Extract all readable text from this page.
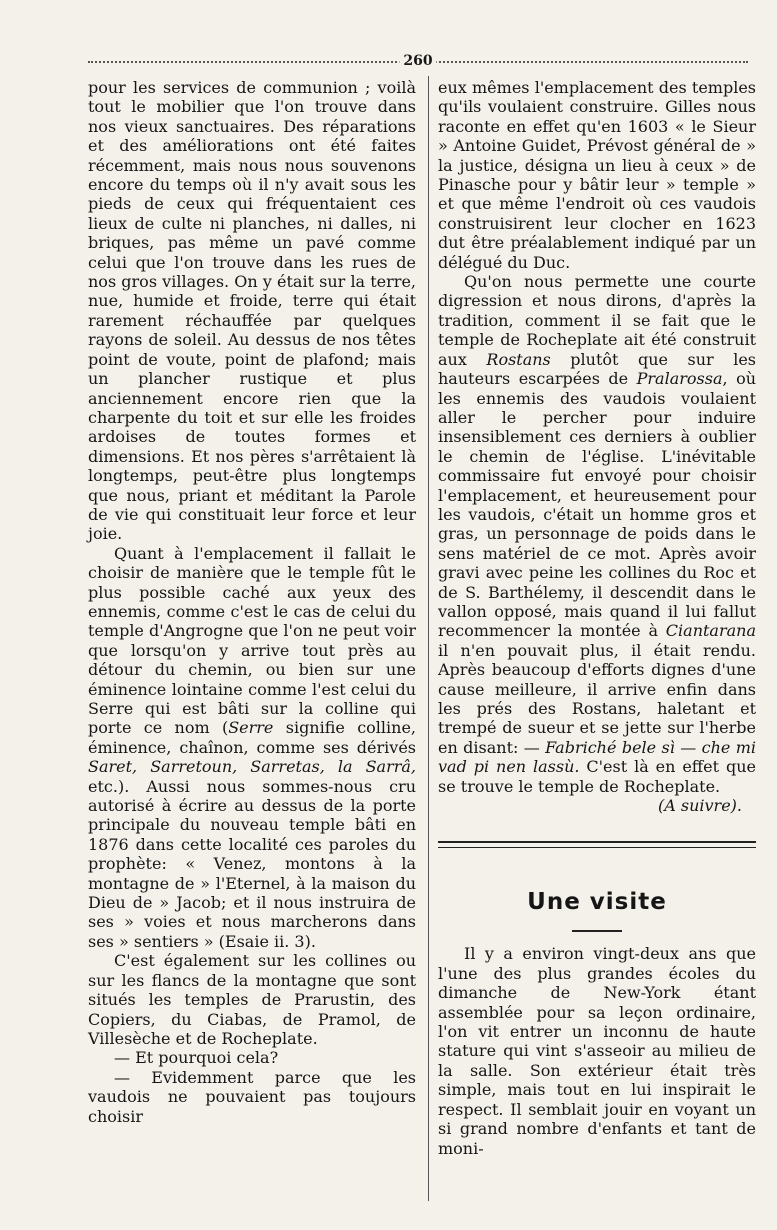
260

pour les services de communion ; voilà tout le mobilier que l'on trouve dans nos vieux sanctuaires. Des réparations et des améliorations ont été faites récemment, mais nous nous souvenons encore du temps où il n'y avait sous les pieds de ceux qui fréquentaient ces lieux de culte ni planches, ni dalles, ni briques, pas même un pavé comme celui que l'on trouve dans les rues de nos gros villages. On y était sur la terre, nue, humide et froide, terre qui était rarement réchauffée par quelques rayons de soleil. Au dessus de nos têtes point de voute, point de plafond; mais un plancher rustique et plus anciennement encore rien que la charpente du toit et sur elle les froides ardoises de toutes formes et dimensions. Et nos pères s'arrêtaient là longtemps, peut-être plus longtemps que nous, priant et méditant la Parole de vie qui constituait leur force et leur joie.

Quant à l'emplacement il fallait le choisir de manière que le temple fût le plus possible caché aux yeux des ennemis, comme c'est le cas de celui du temple d'Angrogne que l'on ne peut voir que lorsqu'on y arrive tout près au détour du chemin, ou bien sur une éminence lointaine comme l'est celui du Serre qui est bâti sur la colline qui porte ce nom (Serre signifie colline, éminence, chaînon, comme ses dérivés Saret, Sarretoun, Sarretas, la Sarrâ, etc.). Aussi nous sommes-nous cru autorisé à écrire au dessus de la porte principale du nouveau temple bâti en 1876 dans cette localité ces paroles du prophète: « Venez, montons à la montagne de » l'Eternel, à la maison du Dieu de » Jacob; et il nous instruira de ses » voies et nous marcherons dans ses » sentiers » (Esaie ii. 3).

C'est également sur les collines ou sur les flancs de la montagne que sont situés les temples de Prarustin, des Copiers, du Ciabas, de Pramol, de Villesèche et de Rocheplate.

— Et pourquoi cela?

— Evidemment parce que les vaudois ne pouvaient pas toujours choisir

eux mêmes l'emplacement des temples qu'ils voulaient construire. Gilles nous raconte en effet qu'en 1603 « le Sieur » Antoine Guidet, Prévost général de » la justice, désigna un lieu à ceux » de Pinasche pour y bâtir leur » temple » et que même l'endroit où ces vaudois construisirent leur clocher en 1623 dut être préalablement indiqué par un délégué du Duc.

Qu'on nous permette une courte digression et nous dirons, d'après la tradition, comment il se fait que le temple de Rocheplate ait été construit aux Rostans plutôt que sur les hauteurs escarpées de Pralarossa, où les ennemis des vaudois voulaient aller le percher pour induire insensiblement ces derniers à oublier le chemin de l'église. L'inévitable commissaire fut envoyé pour choisir l'emplacement, et heureusement pour les vaudois, c'était un homme gros et gras, un personnage de poids dans le sens matériel de ce mot. Après avoir gravi avec peine les collines du Roc et de S. Barthélemy, il descendit dans le vallon opposé, mais quand il lui fallut recommencer la montée à Ciantarana il n'en pouvait plus, il était rendu. Après beaucoup d'efforts dignes d'une cause meilleure, il arrive enfin dans les prés des Rostans, haletant et trempé de sueur et se jette sur l'herbe en disant: — Fabriché bele sì — che mi vad pi nen lassù. C'est là en effet que se trouve le temple de Rocheplate.

(A suivre).

Une visite

Il y a environ vingt-deux ans que l'une des plus grandes écoles du dimanche de New-York étant assemblée pour sa leçon ordinaire, l'on vit entrer un inconnu de haute stature qui vint s'asseoir au milieu de la salle. Son extérieur était très simple, mais tout en lui inspirait le respect. Il semblait jouir en voyant un si grand nombre d'enfants et tant de moni-
